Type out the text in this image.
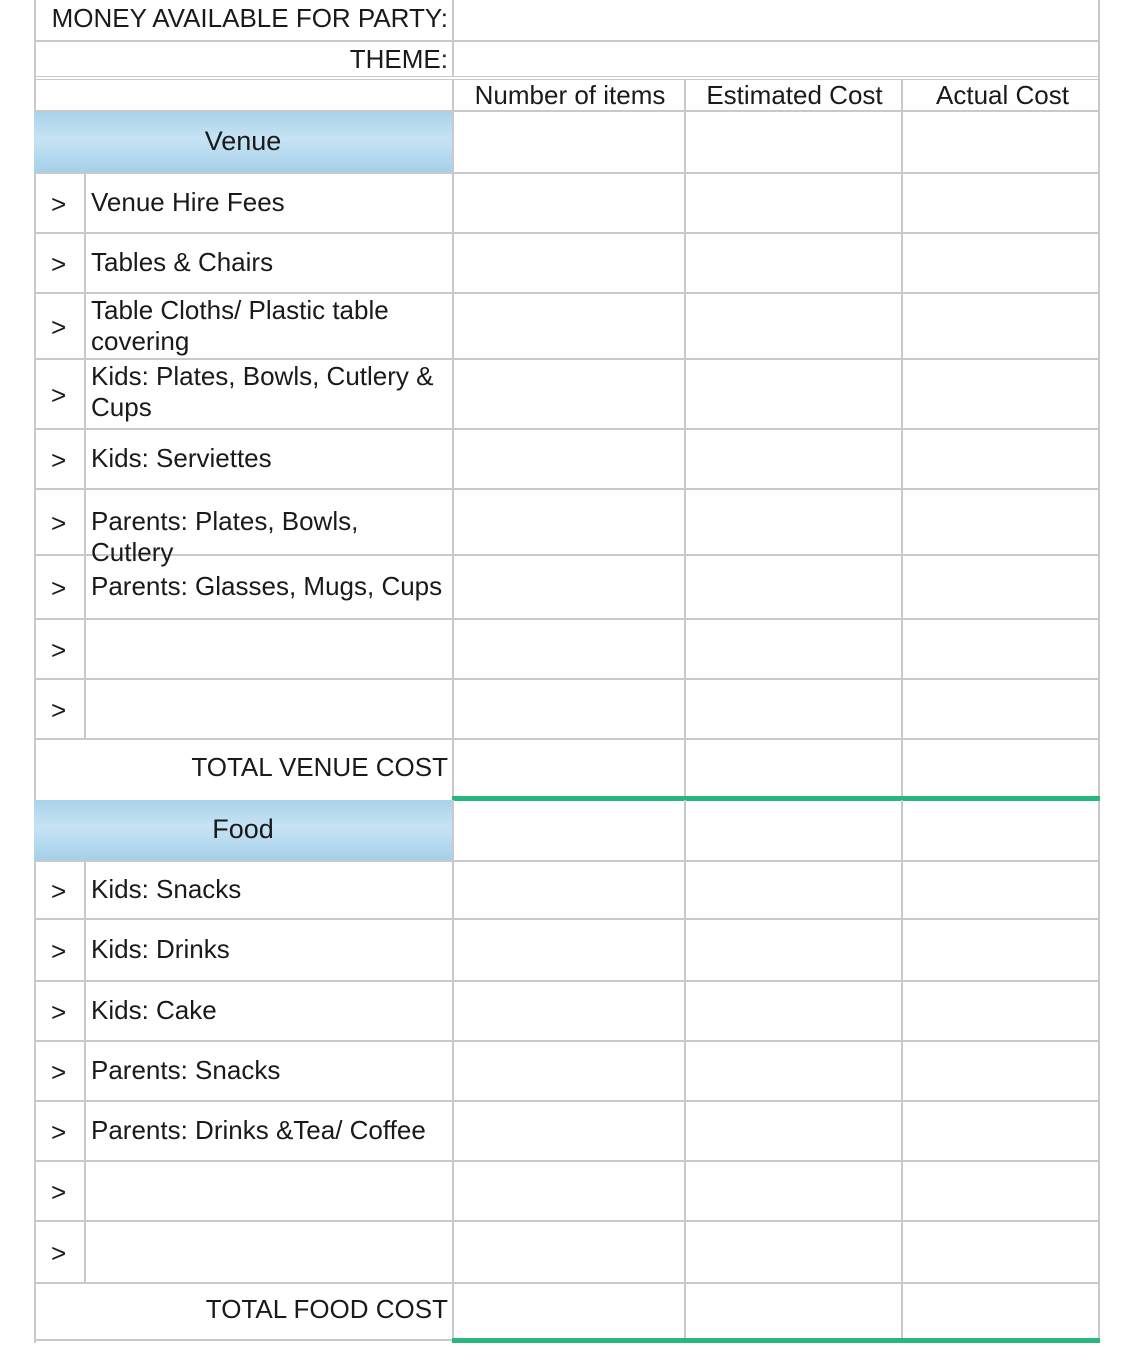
MONEY AVAILABLE FOR PARTY:
THEME:
Number of items	Estimated Cost	Actual Cost
Venue
> Venue Hire Fees
> Tables & Chairs
>
Table Cloths/ Plastic table covering
>
Kids: Plates, Bowls, Cutlery & Cups
> Kids: Serviettes
> Parents: Plates, Bowls, Cutlery
> Parents: Glasses, Mugs, Cups
>
>
TOTAL VENUE COST
Food
> Kids: Snacks
> Kids: Drinks
> Kids: Cake
> Parents: Snacks
> Parents: Drinks &Tea/ Coffee
>
>
TOTAL FOOD COST
